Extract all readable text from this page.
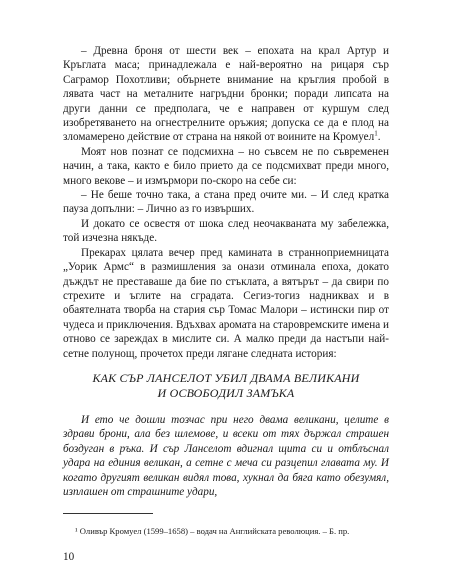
– Древна броня от шести век – епохата на крал Артур и Кръглата маса; принадлежала е най-вероятно на рицаря сър Саграмор Похотливи; обърнете внимание на кръглия пробой в лявата част на металните нагръдни бронки; поради липсата на други данни се предполага, че е направен от куршум след изобретяването на огнестрелните оръжия; допуска се да е плод на зломамерено действие от страна на някой от воините на Кромуел$^1$.

Моят нов познат се подсмихна – но съвсем не по съвременен начин, а така, както е било прието да се подсмихват преди много, много векове – и измърмори по-скоро на себе си:

– Не беше точно така, а стана пред очите ми. – И след кратка пауза допълни: – Лично аз го извърших.

И докато се освестя от шока след неочакваната му забележка, той изчезна някъде.

Прекарах цялата вечер пред камината в странноприемницата „Уорик Армс“ в размишления за онази отминала епоха, докато дъждът не преставаше да бие по стъклата, а вятърът – да свири по стрехите и ъглите на сградата. Сегиз-тогиз надниквах и в обаятелната творба на стария сър Томас Малори – истински пир от чудеса и приключения. Вдъхвах аромата на старовремските имена и отново се зареждах в мислите си. А малко преди да настъпи най-сетне полунощ, прочетох преди лягане следната история:

КАК СЪР ЛАНСЕЛОТ УБИЛ ДВАМА ВЕЛИКАНИ

И ОСВОБОДИЛ ЗАМЪКА

И ето че дошли тозчас при него двама великани, целите в здрави брони, ала без шлемове, и всеки от тях държал страшен боздуган в ръка. И сър Ланселот вдигнал щита си и отблъснал удара на единия великан, а сетне с меча си разцепил главата му. И когато другият великан видял това, хукнал да бяга като обезумял, изплашен от страшните удари,

¹ Оливър Кромуел (1599–1658) – водач на Английската революция. – Б. пр.

10
